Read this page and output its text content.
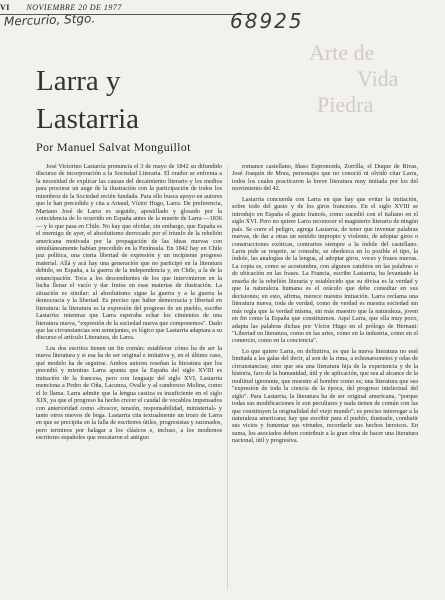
VI NOVIEMBRE 20 DE 1977
Mercurio, Stgo.	68925
Arte de
Vida
Piedra
Larra y
Lastarria
Por Manuel Salvat Monguillot

José Victorino Lastarria pronuncia el 3 de mayo de 1842 su difundido discurso de incorporación a la Sociedad Literaria. El orador se enfrenta a la necesidad de explicar las causas del decaimiento literario y los medios para procurar un auge de la ilustración con la participación de todos los miembros de la Sociedad recién fundada. Para ello busca apoyo en autores que le han precedido y cita a Artaud, Víctor Hugo, Larra. De preferencia, Mariano José de Larra es seguido, apostillado y glosado por la coincidencia de lo ocurrido en España antes de la muerte de Larra —1836— y lo que pasa en Chile. No hay que olvidar, sin embargo, que España es el enemigo de ayer, el absolutismo derrocado por el triunfo de la rebelión americana motivada por la propagación de las ideas nuevas con simultáneamente habían precedido en la Península. En 1842 hay en Chile paz política, una cierta libertad de expresión y un incipiente progreso material. Allá y acá hay una generación que no participó en la literatura debido, en España, a la guerra de la independencia y, en Chile, a la de la emancipación. Toca a los descendientes de los que intervinieron en la lucha llenar el vacío y dar frutos en esas materias de ilustración. La situación es similar: al absolutismo sigue la guerra y a la guerra la democracia y la libertad. Es preciso que haber democracia y libertad en literatura: la literatura es la expresión del progreso de un pueblo, escribe Lastarria: mientras que Larra esperaba echar los cimientos de una literatura nueva, "expresión de la sociedad nueva que componemos". Dado que las circunstancias son semejantes, es lógico que Lastarria adaptara a su discurso el artículo Literatura, de Larra.

Los dos escritos tienen un fin común: establecer cómo ha de ser la nueva literatura y si esa ha de ser original e imitativa y, en el último caso, qué modelo ha de seguirse. Ambos autores reseñan la literatura que los precedió y mientras Larra apunta que la España del siglo XVIII es imitación de la francesa, pero con lenguaje del siglo XVI, Lastarria menciona a Pedro de Oña, Lacunza, Ovalle y al candoroso Molina, como el lo llama. Larra admite que la lengua castiza es insuficiente en el siglo XIX, ya que el progreso ha hecho crecer el caudal de vocablos impensados con anterioridad como «frescor, tensión, responsabilidad, ministerial» y tanto otros nuevos de boga. Lastarria cita textualmente un trozo de Larra en que se precipita en la falla de escritores útiles, progresistas y razonados, pero terminos por halagar a los clásicos e, incluso, a los modernos escritores españoles que rescataron el antiguo

romance castellano, Iñaso Espronceda, Zorrilla, el Duque de Rivas, José Joaquín de Mora, personajes que no conoció ni olvidó citar Larra, todos los cuales practicaron la breve literatura muy imitada por los del movimiento del 42.

Lastarria concuerda con Larra en que hay que evitar la imitación, sobre todo del gusto y de los giros franceses. En el siglo XVIII se introdujo en España el gusto francés, como sucedió con el italiano en el siglo XVI. Pero no quiere Larra reconocer el magisterio literario de ningún país. Se corre el peligro, agrega Lastarria, de tener que inventar palabras nuevas, de dar a otras un sentido impropio y violento, de adoptar giros o construcciones exóticas, contrarios siempre a la índole del castellano. Larra pide se respete, se consulte, se obedezca en lo posible el tipo, la índole, las analogías de la lengua, al adoptar giros, voces y frases nuevas. La copia es, como se acostumbra, con algunos cambios en las palabras o de ubicación en las frases. La Francia, escribe Lastarria, ha levantado la enseña de la rebelión literaria y establecido que su divisa es la verdad y que la naturaleza humana es el oráculo que debe consultar en sus decisiones; en esto, afirma, merece nuestra imitación. Larra reclama una literatura nueva, toda de verdad, como de verdad es nuestra sociedad sin más regla que la verdad misma, sin más maestro que la naturaleza, joven en fin como la España que constituimos. Aquí Larra, que ella muy poco, adapta las palabras dichas por Víctor Hugo en el prólogo de Hernani: "Libertad en literatura, como en las artes, como en la industria, como en el comercio, como en la conciencia".

Lo que quiere Larra, en definitiva, es que la nueva literatura no esté limitada a las galas del decir, al son de la rima, a echonarsonetos y odas de circunstancias; sino que sea una literatura hija de la experiencia y de la historia, faro de la humanidad, útil y de aplicación, que sea al alcance de la multitud ignorante, que muestre al hombre como es; una literatura que sea "expresión de toda la ciencia de la época, del progreso intelectual del siglo". Para Lastarria, la literatura ha de ser original americana, "porque todas sus modificaciones le son peculiares y nada tienen de común con las que constituyen la originalidad del viejo mundo"; es preciso interrogar a la naturaleza americana; hay que escribir para el pueblo, ilustrarle, combatir sus vicios y fomentar sus virtudes, recordarle sus hechos heroicos. En suma, los asociados deben contribuir a la gran obra de hacer una literatura nacional, útil y progresiva.
